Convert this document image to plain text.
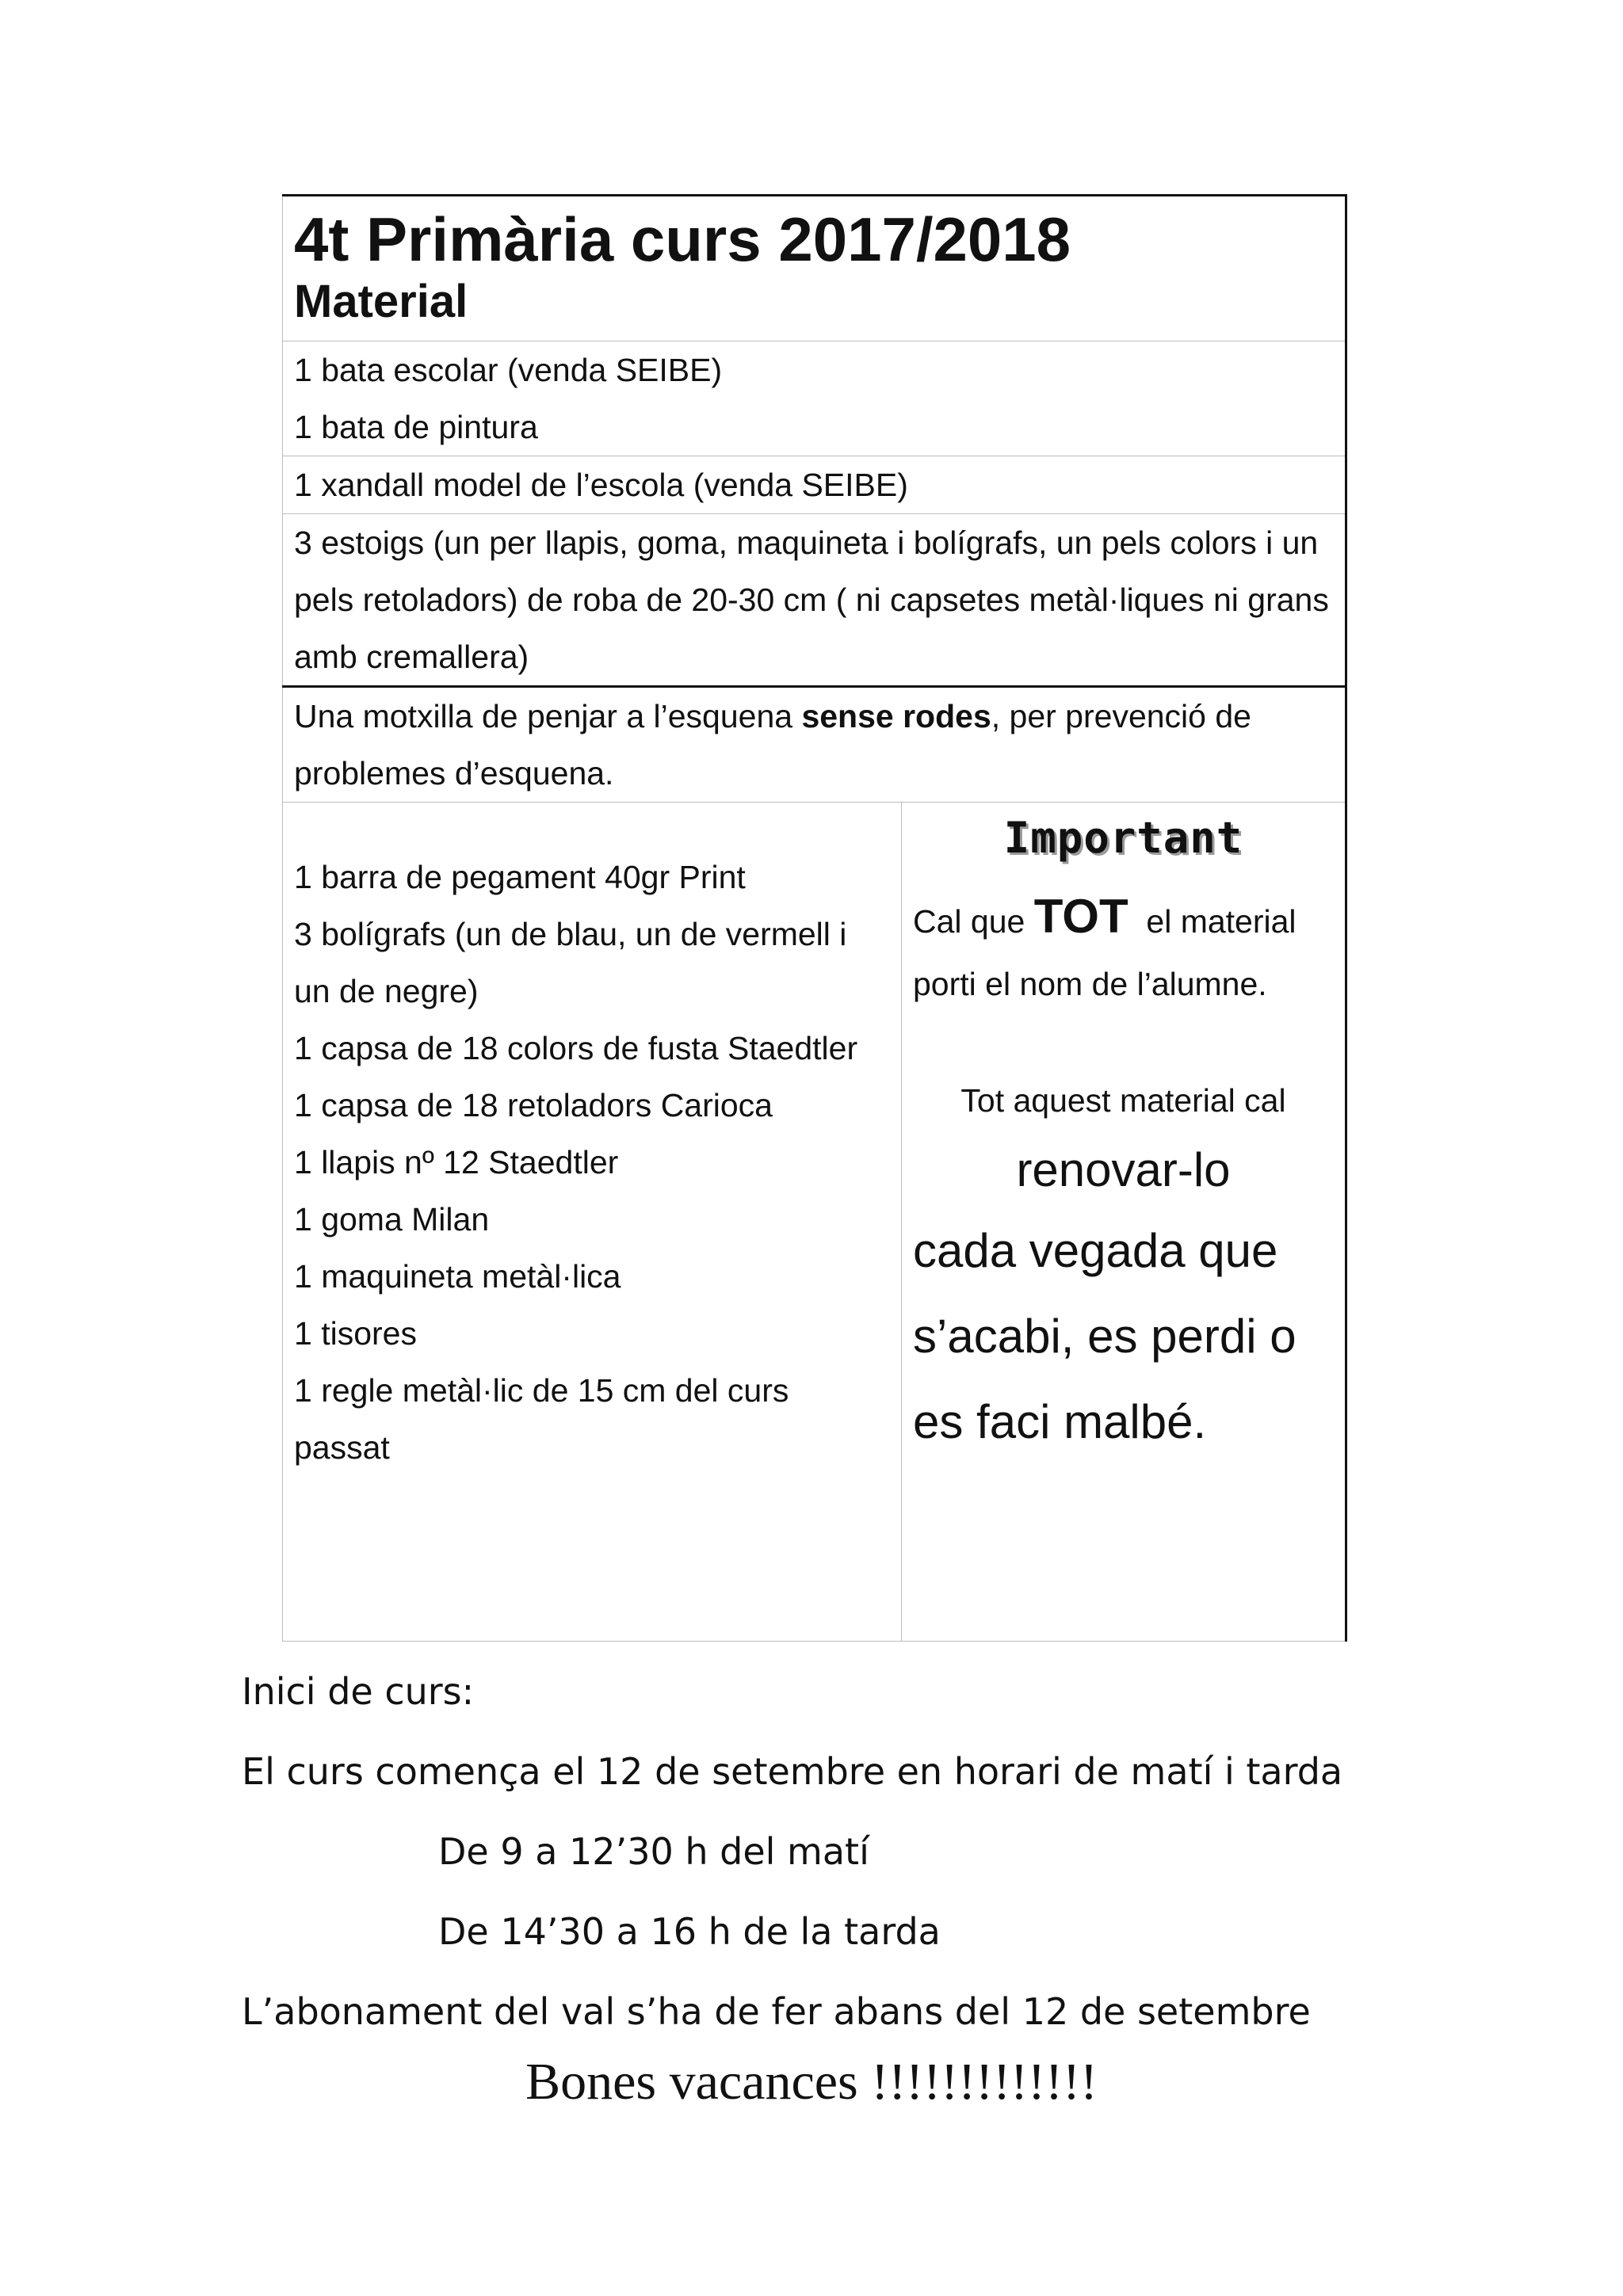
4t Primària curs 2017/2018
Material

1 bata escolar (venda SEIBE)
1 bata de pintura

1 xandall model de l’escola (venda SEIBE)

3 estoigs (un per llapis, goma, maquineta i bolígrafs, un pels colors i un
pels retoladors) de roba de 20-30 cm ( ni capsetes metàl·liques ni grans
amb cremallera)

Una motxilla de penjar a l’esquena sense rodes, per prevenció de
problemes d’esquena.

1 barra de pegament 40gr Print
3 bolígrafs (un de blau, un de vermell i
un de negre)
1 capsa de 18 colors de fusta Staedtler
1 capsa de 18 retoladors Carioca
1 llapis nº 12 Staedtler
1 goma Milan
1 maquineta metàl·lica
1 tisores
1 regle metàl·lic de 15 cm del curs
passat

Important
Cal que TOT  el material
porti el nom de l’alumne.
Tot aquest material cal
renovar-lo
cada vegada que
s’acabi, es perdi o
es faci malbé.
Inici de curs:
El curs comença el 12 de setembre en horari de matí i tarda
De 9 a 12’30 h del matí
De 14’30 a 16 h de la tarda
L’abonament del val s’ha de fer abans del 12 de setembre
Bones vacances !!!!!!!!!!!!!
